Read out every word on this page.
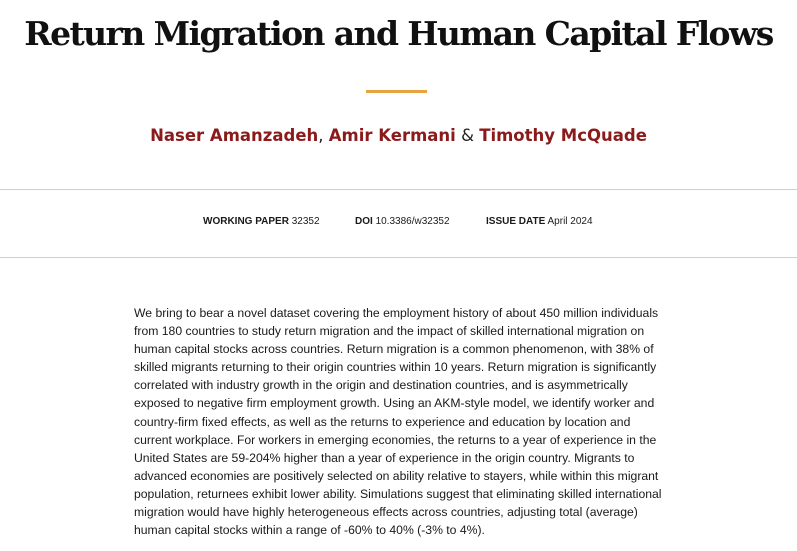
Return Migration and Human Capital Flows
Naser Amanzadeh, Amir Kermani & Timothy McQuade
WORKING PAPER 32352	DOI 10.3386/w32352	ISSUE DATE April 2024

We bring to bear a novel dataset covering the employment history of about 450 million individuals from 180 countries to study return migration and the impact of skilled international migration on human capital stocks across countries. Return migration is a common phenomenon, with 38% of skilled migrants returning to their origin countries within 10 years. Return migration is significantly correlated with industry growth in the origin and destination countries, and is asymmetrically exposed to negative firm employment growth. Using an AKM-style model, we identify worker and country-firm fixed effects, as well as the returns to experience and education by location and current workplace. For workers in emerging economies, the returns to a year of experience in the United States are 59-204% higher than a year of experience in the origin country. Migrants to advanced economies are positively selected on ability relative to stayers, while within this migrant population, returnees exhibit lower ability. Simulations suggest that eliminating skilled international migration would have highly heterogeneous effects across countries, adjusting total (average) human capital stocks within a range of -60% to 40% (-3% to 4%).
